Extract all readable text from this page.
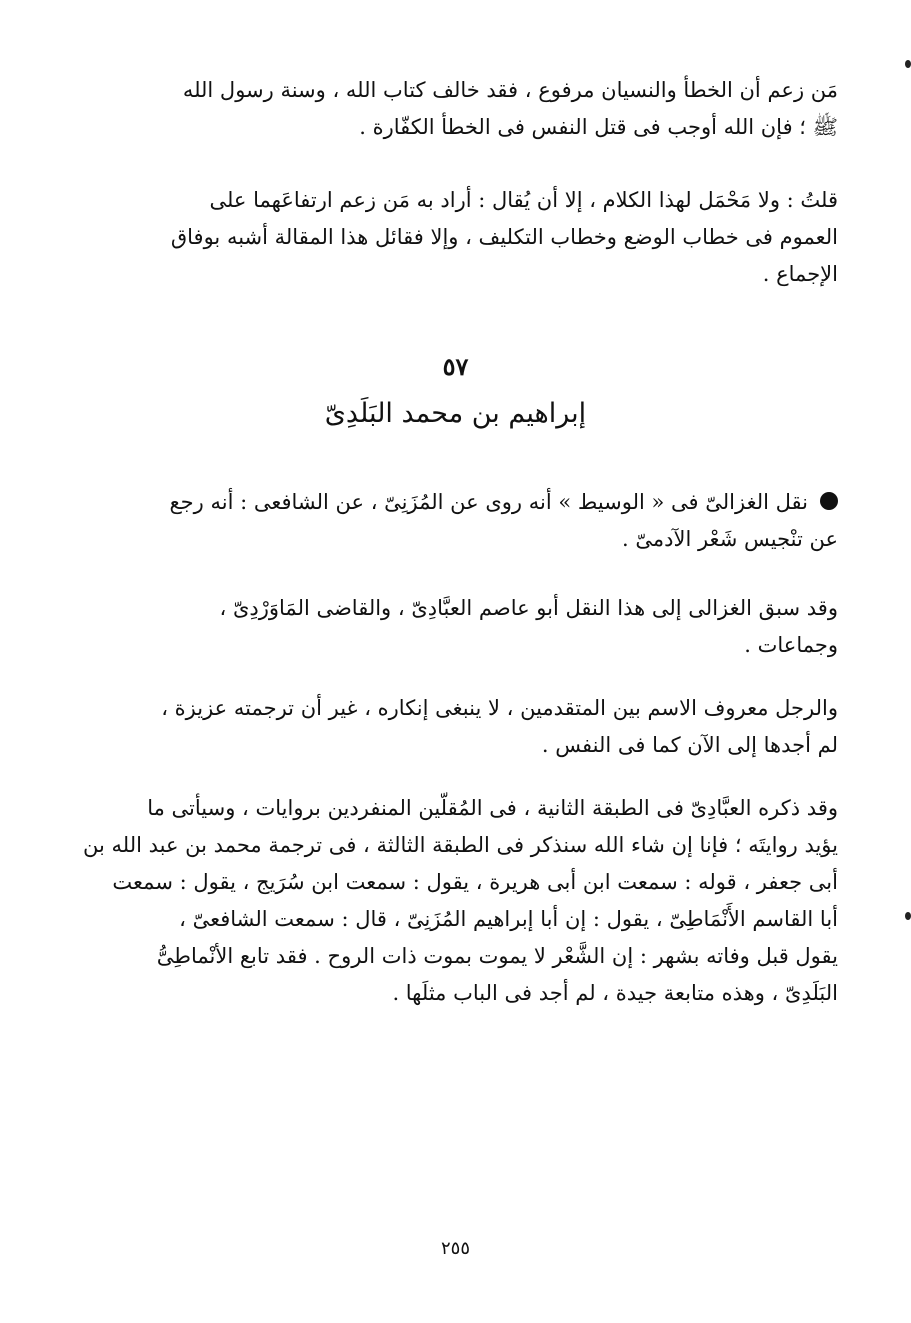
مَن زعم أن الخطأ والنسيان مرفوع ، فقد خالف كتاب الله ، وسنة رسول الله
ﷺ ؛ فإن الله أوجب فى قتل النفس فى الخطأ الكفّارة .
قلتُ : ولا مَحْمَل لهذا الكلام ، إلا أن يُقال : أراد به مَن زعم ارتفاعَهما على
العموم فى خطاب الوضع وخطاب التكليف ، وإلا فقائل هذا المقالة أشبه بوفاق
الإجماع .
٥٧
إبراهيم بن محمد البَلَدِىّ
نقل الغزالىّ فى « الوسيط » أنه روى عن المُزَنِىّ ، عن الشافعى : أنه رجع
عن تنْجيس شَعْر الآدمىّ .
وقد سبق الغزالى إلى هذا النقل أبو عاصم العبَّادِىّ ، والقاضى المَاوَرْدِىّ ،
وجماعات .
والرجل معروف الاسم بين المتقدمين ، لا ينبغى إنكاره ، غير أن ترجمته عزيزة ،
لم أجدها إلى الآن كما فى النفس .
وقد ذكره العبَّادِىّ فى الطبقة الثانية ، فى المُقلّين المنفردين بروايات ، وسيأتى ما
يؤيد روايتَه ؛ فإنا إن شاء الله سنذكر فى الطبقة الثالثة ، فى ترجمة محمد بن عبد الله بن
أبى جعفر ، قوله : سمعت ابن أبى هريرة ، يقول : سمعت ابن سُرَيج ، يقول : سمعت
أبا القاسم الأَنْمَاطِىّ ، يقول : إن أبا إبراهيم المُزَنِىّ ، قال : سمعت الشافعىّ ،
يقول قبل وفاته بشهر : إن الشَّعْر لا يموت بموت ذات الروح . فقد تابع الأنْماطِىُّ
البَلَدِىّ ، وهذه متابعة جيدة ، لم أجد فى الباب مثلَها .
٢٥٥
